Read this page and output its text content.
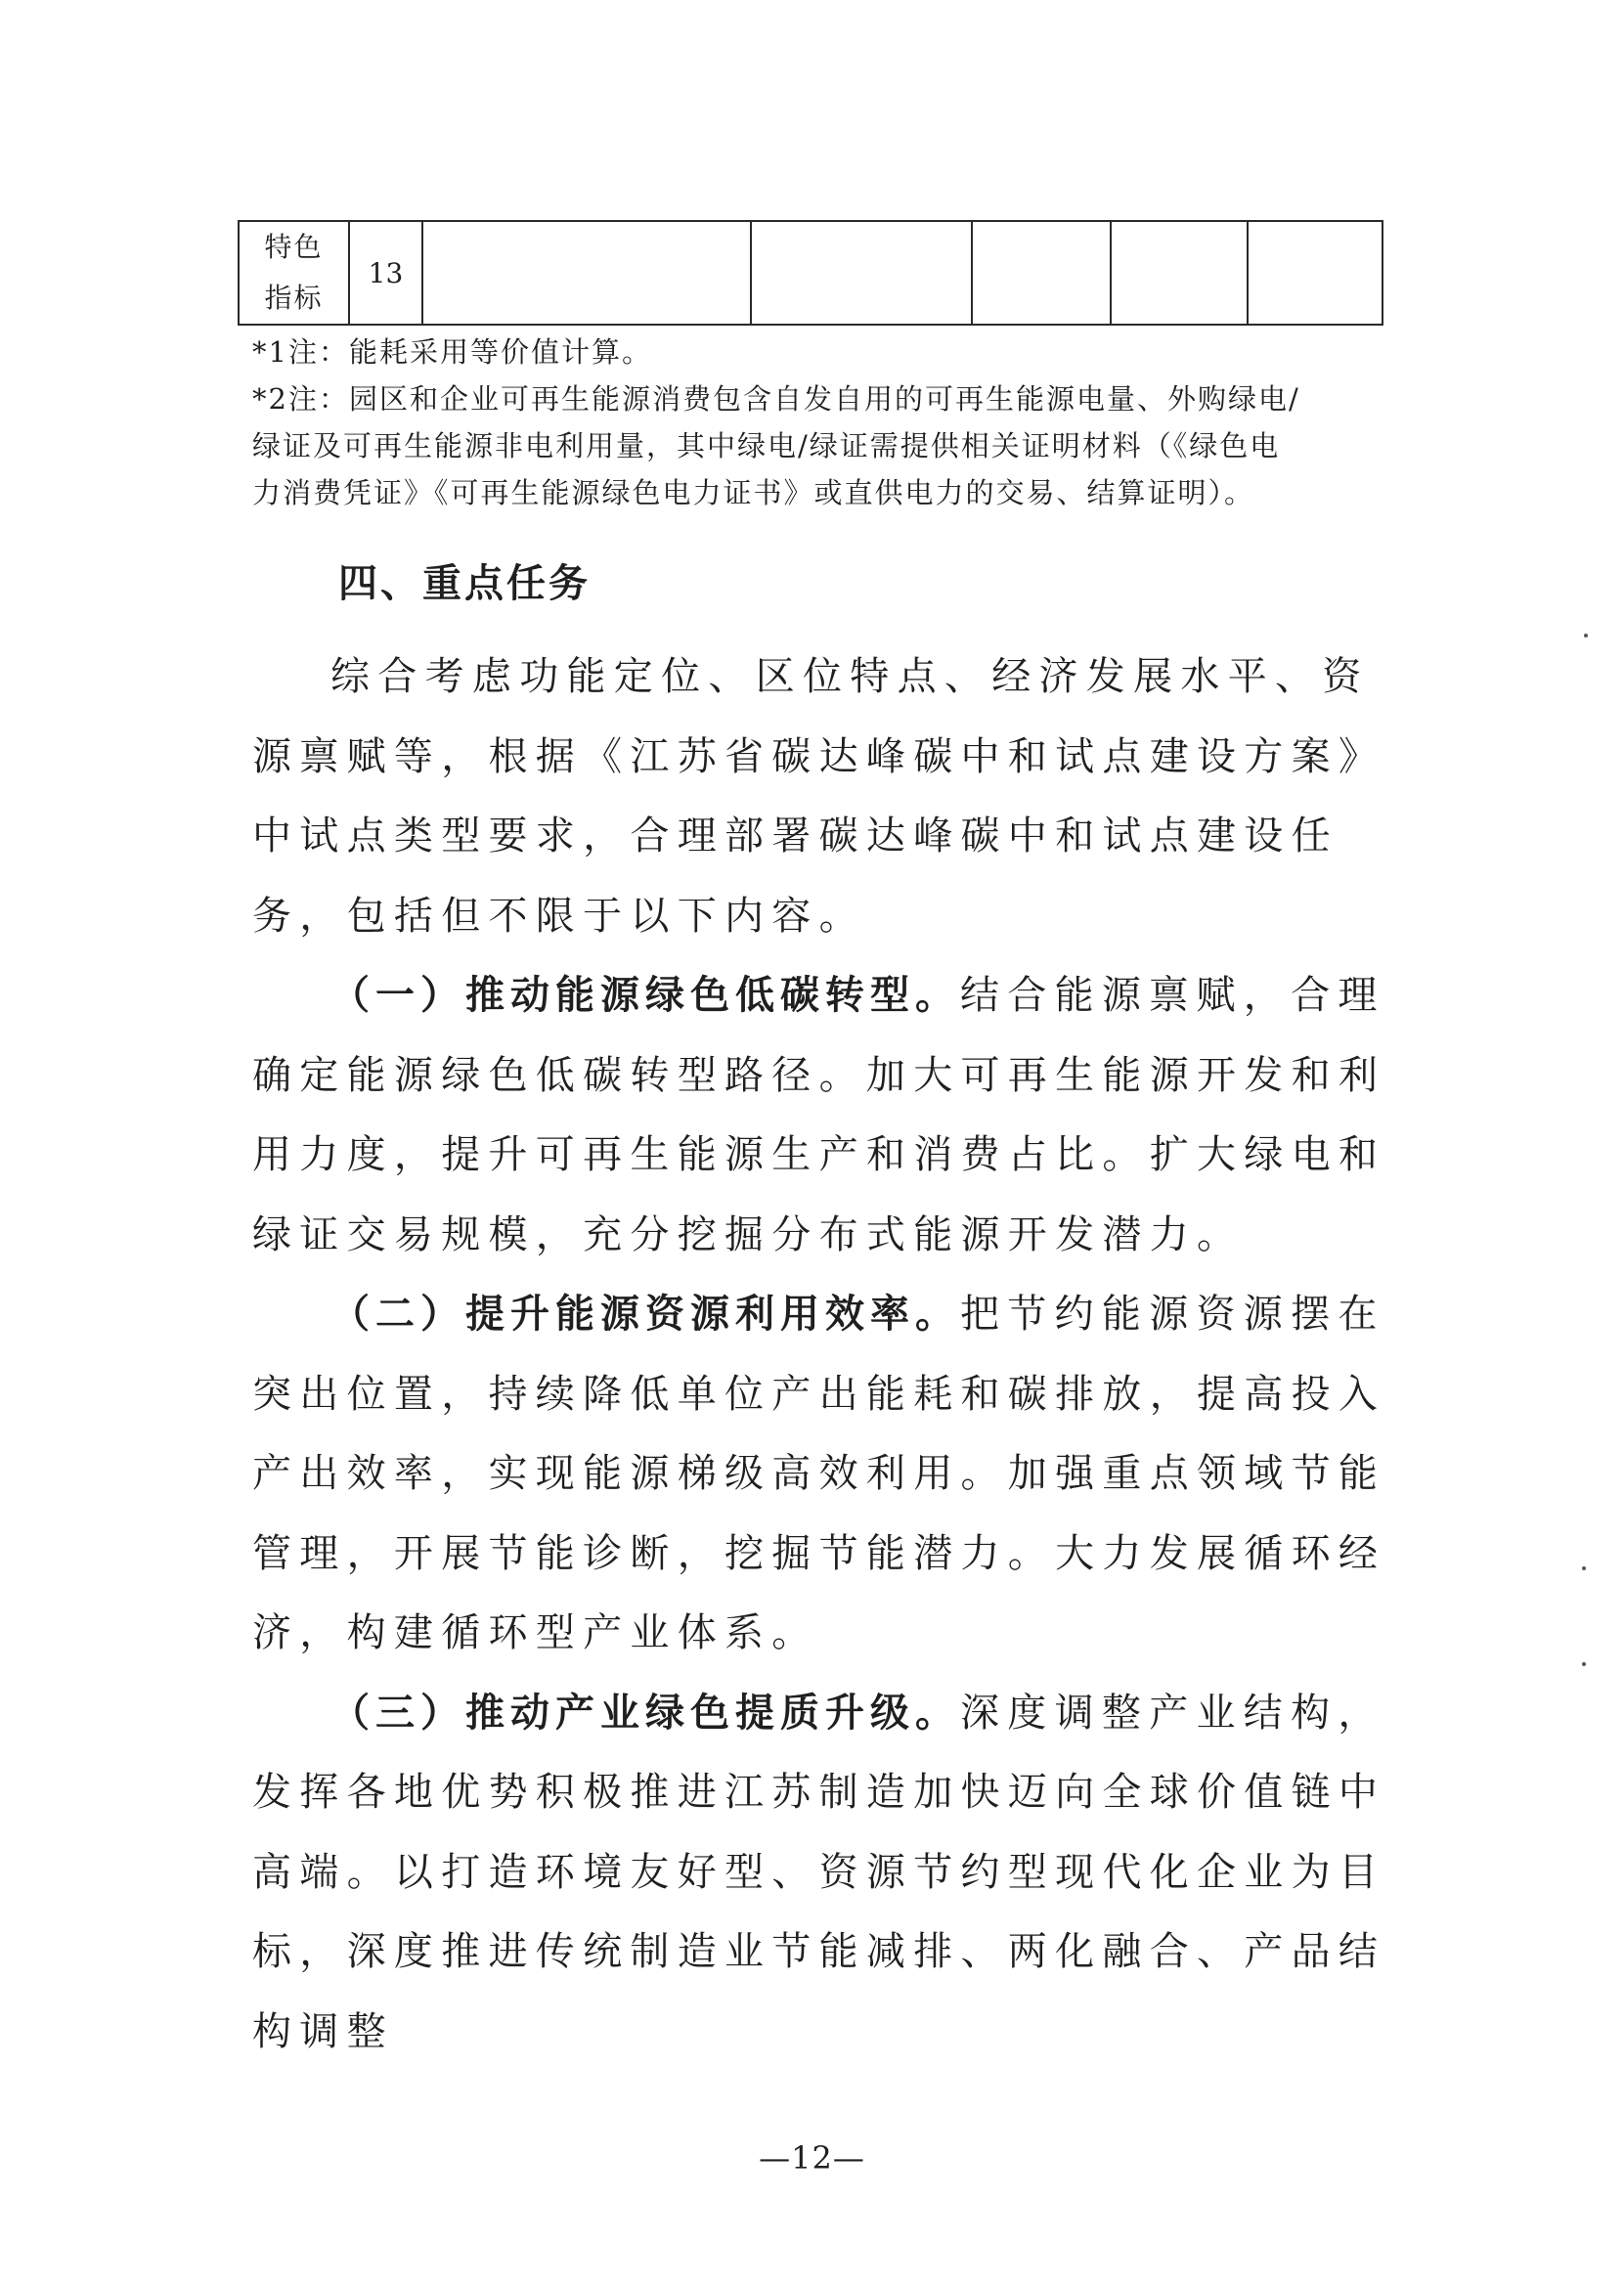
特色
指标	13					

*1注：能耗采用等价值计算。

*2注：园区和企业可再生能源消费包含自发自用的可再生能源电量、外购绿电/

绿证及可再生能源非电利用量，其中绿电/绿证需提供相关证明材料（《绿色电

力消费凭证》《可再生能源绿色电力证书》或直供电力的交易、结算证明）。

四、重点任务

综合考虑功能定位、区位特点、经济发展水平、资源禀赋等，根据《江苏省碳达峰碳中和试点建设方案》中试点类型要求，合理部署碳达峰碳中和试点建设任务，包括但不限于以下内容。

（一）推动能源绿色低碳转型。结合能源禀赋，合理确定能源绿色低碳转型路径。加大可再生能源开发和利用力度，提升可再生能源生产和消费占比。扩大绿电和绿证交易规模，充分挖掘分布式能源开发潜力。

（二）提升能源资源利用效率。把节约能源资源摆在突出位置，持续降低单位产出能耗和碳排放，提高投入产出效率，实现能源梯级高效利用。加强重点领域节能管理，开展节能诊断，挖掘节能潜力。大力发展循环经济，构建循环型产业体系。

（三）推动产业绿色提质升级。深度调整产业结构，发挥各地优势积极推进江苏制造加快迈向全球价值链中高端。以打造环境友好型、资源节约型现代化企业为目标，深度推进传统制造业节能减排、两化融合、产品结构调整

—12—
